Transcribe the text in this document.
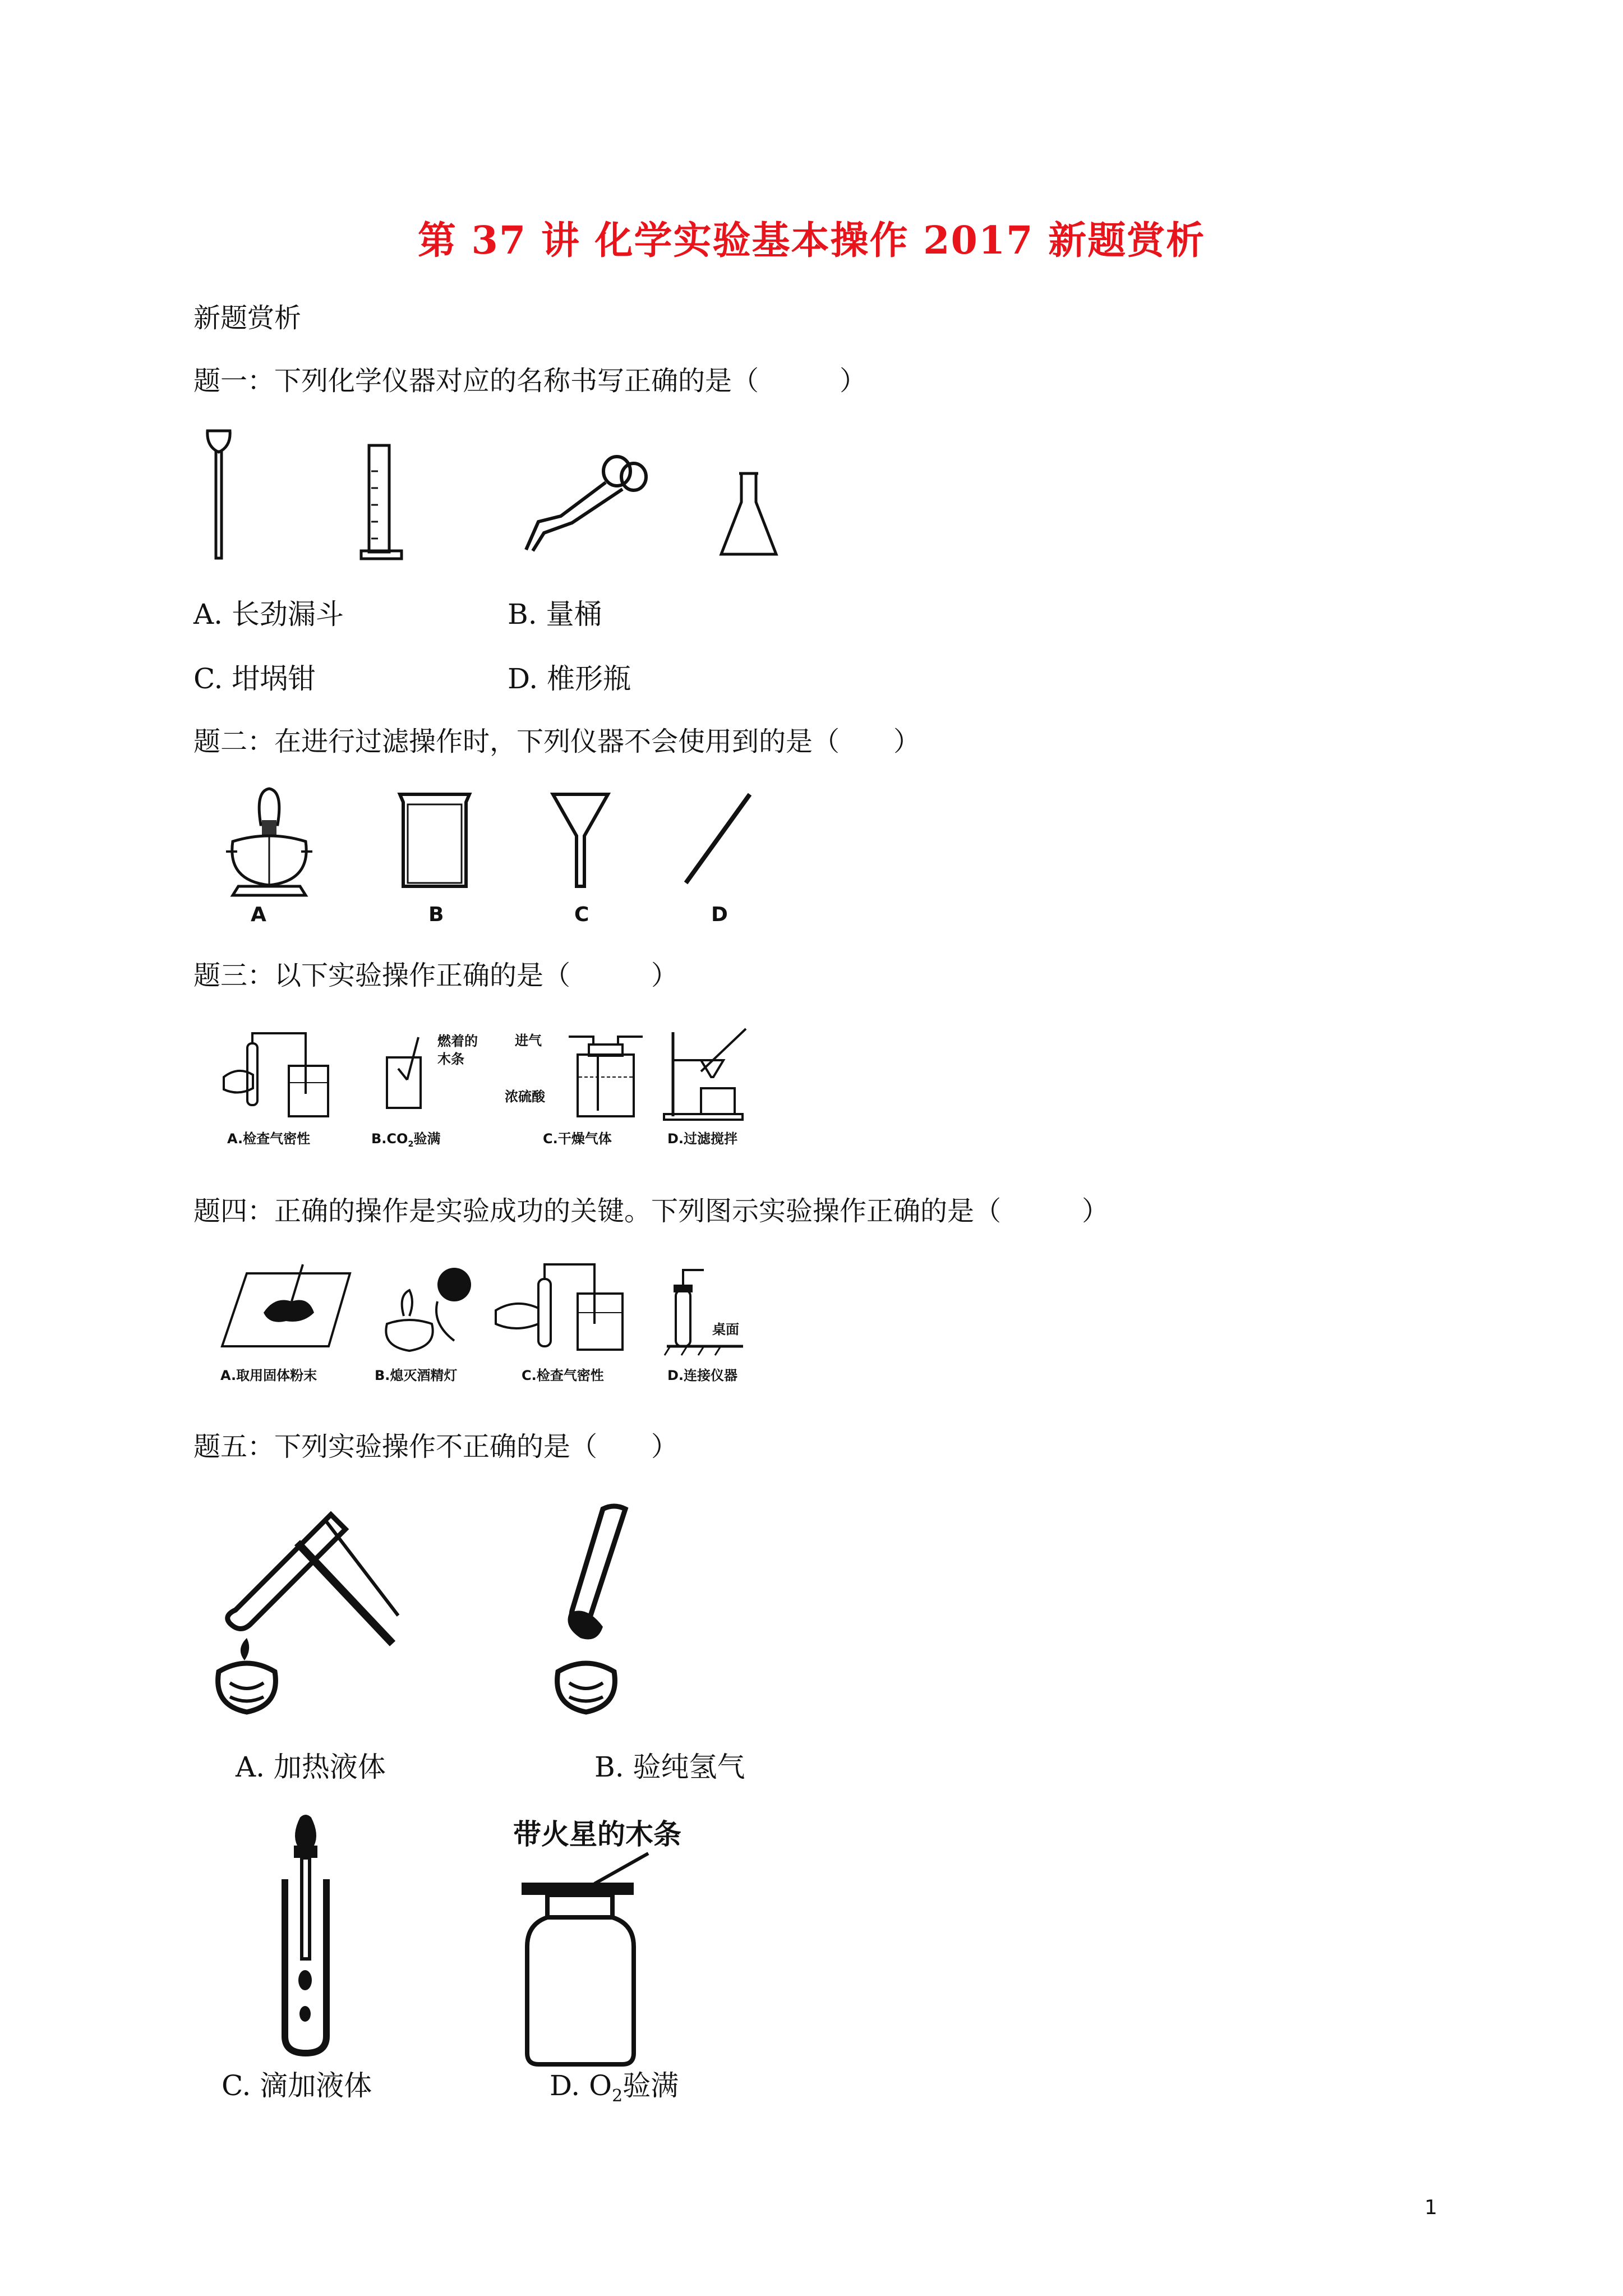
第 37 讲 化学实验基本操作 2017 新题赏析
新题赏析
题一：下列化学仪器对应的名称书写正确的是（　　　）
A. 长劲漏斗	B. 量桶
C. 坩埚钳	D. 椎形瓶
题二：在进行过滤操作时，下列仪器不会使用到的是（　　）
A	B	C	D
题三：以下实验操作正确的是（　　　）
燃着的
木条
进气
浓硫酸
A.检查气密性	$B.CO_2$验满	C.干燥气体	D.过滤搅拌
题四：正确的操作是实验成功的关键。下列图示实验操作正确的是（　　　）
桌面
A.取用固体粉末	B.熄灭酒精灯	C.检查气密性	D.连接仪器
题五：下列实验操作不正确的是（　　）
A. 加热液体	B. 验纯氢气
带火星的木条
C. 滴加液体	D. $O_2$验满
1
